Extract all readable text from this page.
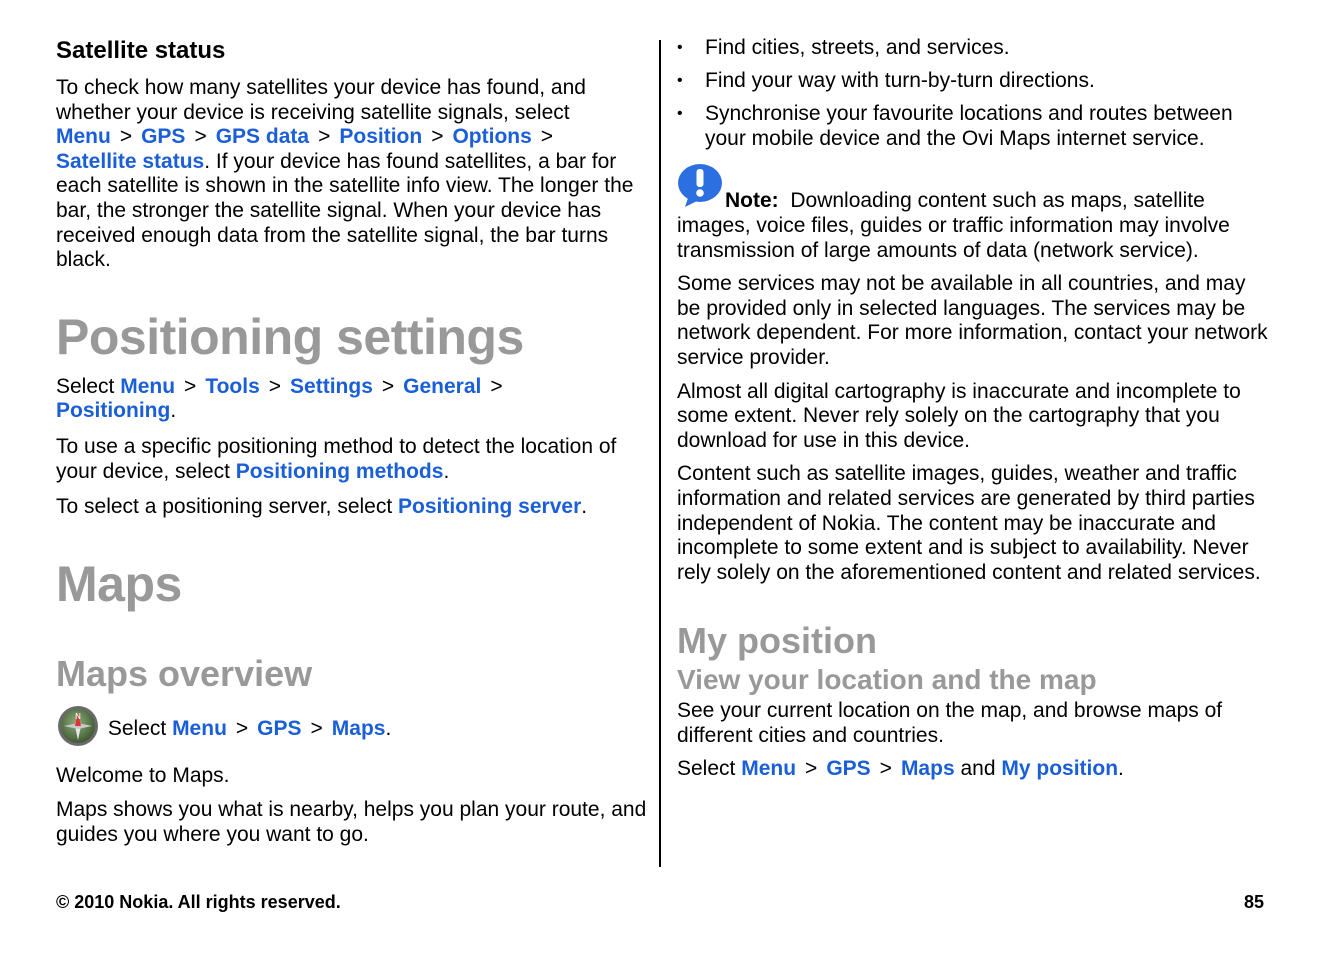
Satellite status

To check how many satellites your device has found, and whether your device is receiving satellite signals, select
Menu > GPS > GPS data > Position > Options >
Satellite status. If your device has found satellites, a bar for each satellite is shown in the satellite info view. The longer the bar, the stronger the satellite signal. When your device has received enough data from the satellite signal, the bar turns black.

Positioning settings

Select Menu > Tools > Settings > General >
Positioning.

To use a specific positioning method to detect the location of your device, select Positioning methods.

To select a positioning server, select Positioning server.

Maps
Maps overview

N
Select Menu > GPS > Maps.

Welcome to Maps.

Maps shows you what is nearby, helps you plan your route, and guides you where you want to go.

• Find cities, streets, and services.
• Find your way with turn-by-turn directions.
• Synchronise your favourite locations and routes between your mobile device and the Ovi Maps internet service.

Note: Downloading content such as maps, satellite images, voice files, guides or traffic information may involve transmission of large amounts of data (network service).

Some services may not be available in all countries, and may be provided only in selected languages. The services may be network dependent. For more information, contact your network service provider.

Almost all digital cartography is inaccurate and incomplete to some extent. Never rely solely on the cartography that you download for use in this device.

Content such as satellite images, guides, weather and traffic information and related services are generated by third parties independent of Nokia. The content may be inaccurate and incomplete to some extent and is subject to availability. Never rely solely on the aforementioned content and related services.

My position
View your location and the map

See your current location on the map, and browse maps of different cities and countries.

Select Menu > GPS > Maps and My position.

© 2010 Nokia. All rights reserved.	85
